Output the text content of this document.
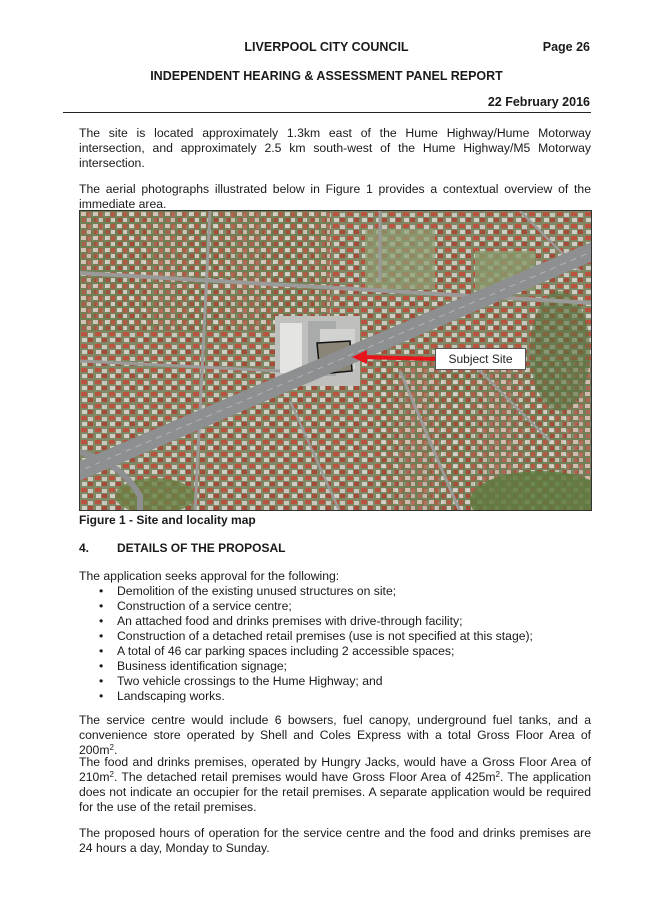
LIVERPOOL CITY COUNCIL	Page 26
INDEPENDENT HEARING & ASSESSMENT PANEL REPORT
22 February 2016

The site is located approximately 1.3km east of the Hume Highway/Hume Motorway intersection, and approximately 2.5 km south-west of the Hume Highway/M5 Motorway intersection.

The aerial photographs illustrated below in Figure 1 provides a contextual overview of the immediate area.

Subject Site
Figure 1 - Site and locality map
4. DETAILS OF THE PROPOSAL

The application seeks approval for the following:

• Demolition of the existing unused structures on site;
• Construction of a service centre;
• An attached food and drinks premises with drive-through facility;
• Construction of a detached retail premises (use is not specified at this stage);
• A total of 46 car parking spaces including 2 accessible spaces;
• Business identification signage;
• Two vehicle crossings to the Hume Highway; and
• Landscaping works.

The service centre would include 6 bowsers, fuel canopy, underground fuel tanks, and a convenience store operated by Shell and Coles Express with a total Gross Floor Area of $200m^2$.

The food and drinks premises, operated by Hungry Jacks, would have a Gross Floor Area of $210m^2$. The detached retail premises would have Gross Floor Area of $425m^2$. The application does not indicate an occupier for the retail premises. A separate application would be required for the use of the retail premises.

The proposed hours of operation for the service centre and the food and drinks premises are 24 hours a day, Monday to Sunday.
